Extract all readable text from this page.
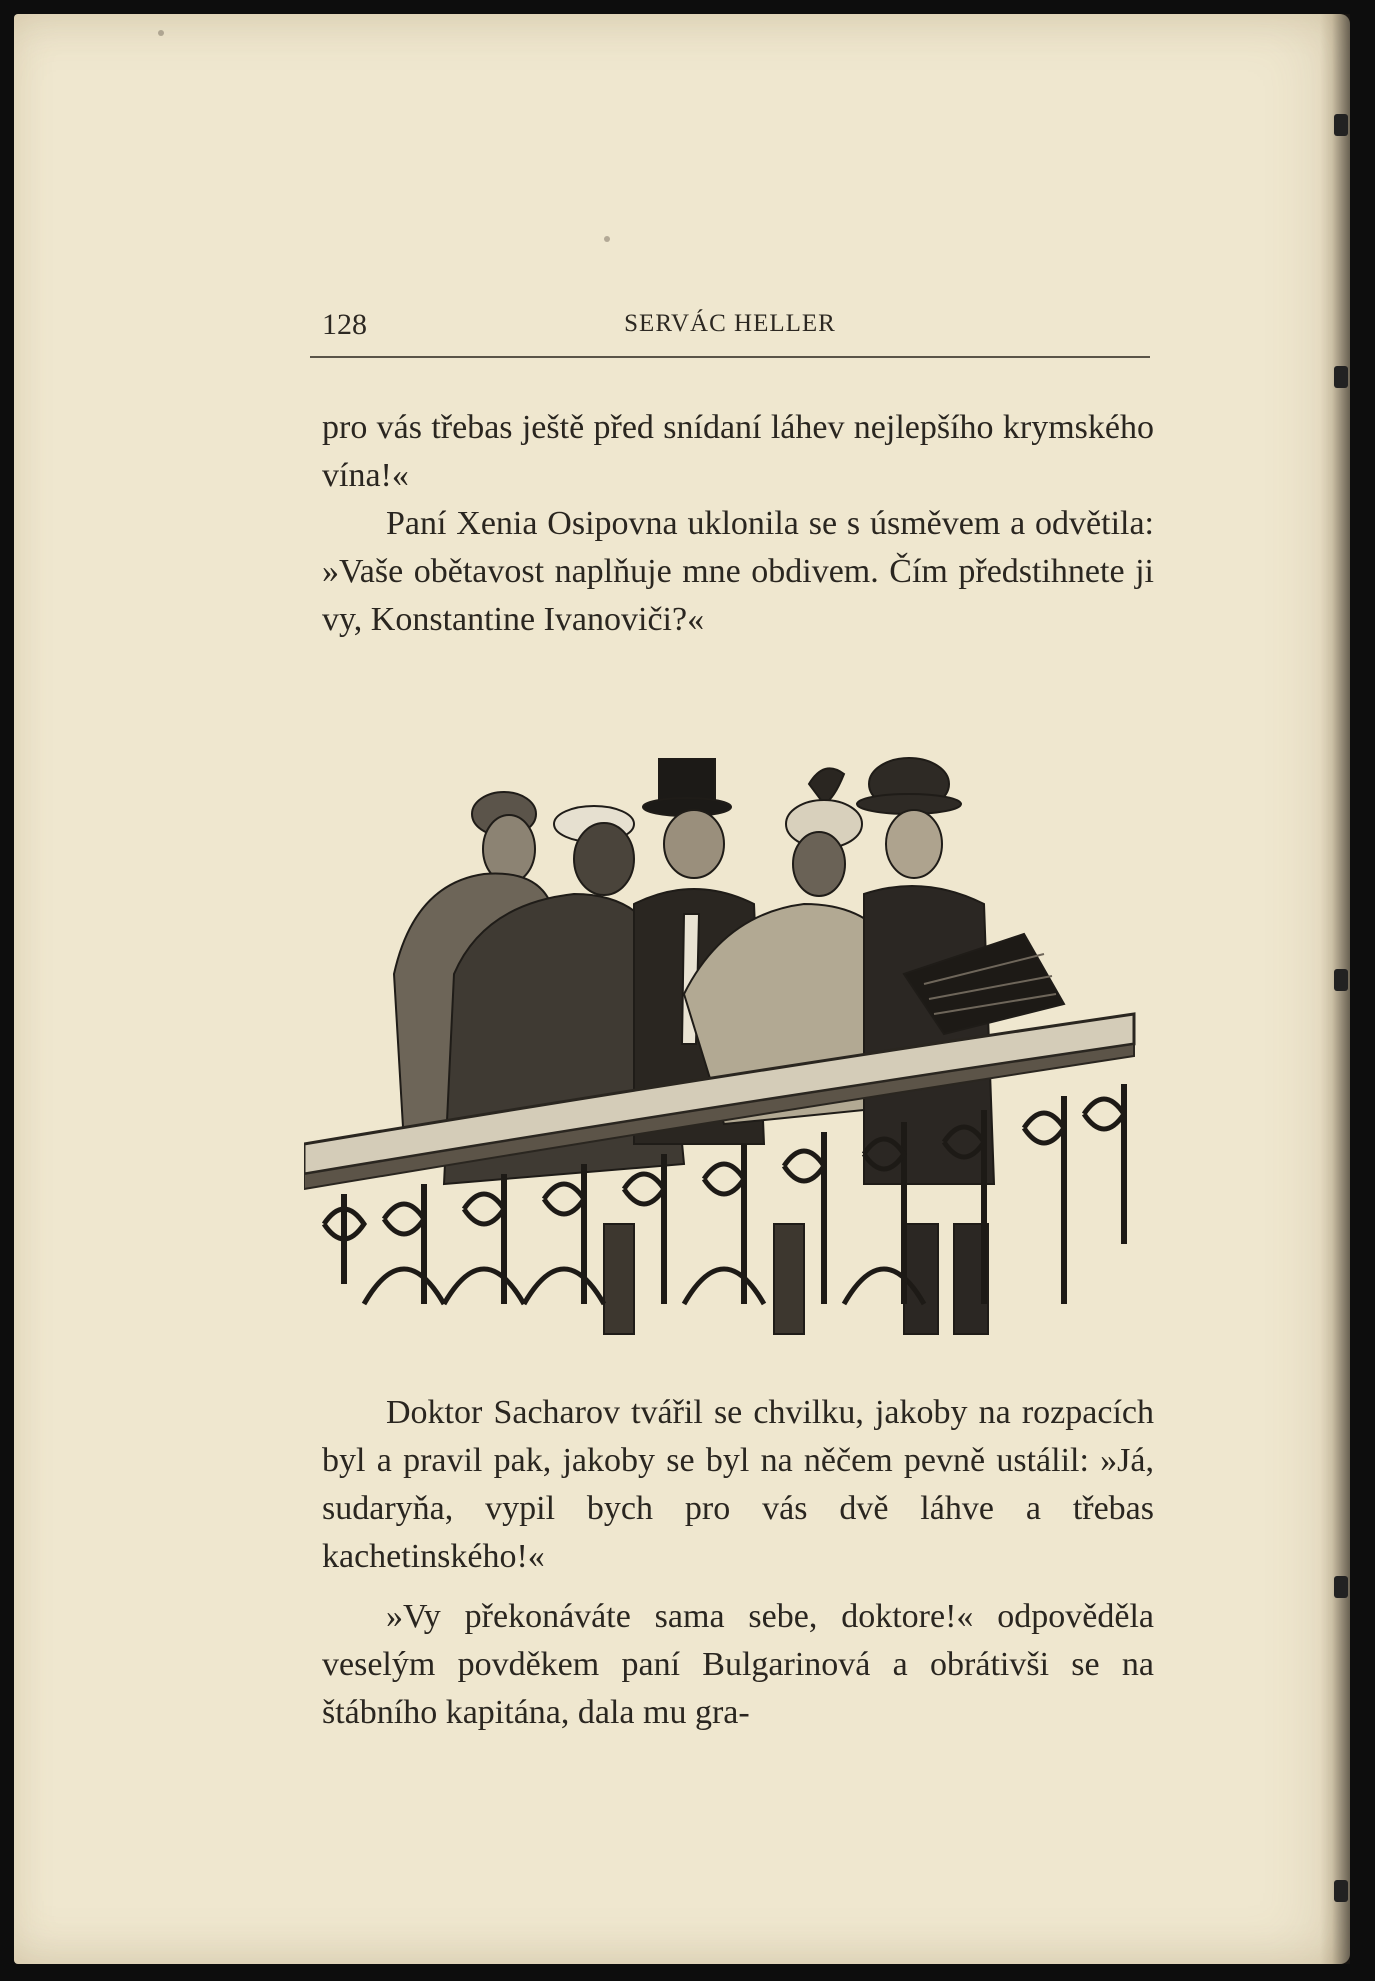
128	SERVÁC HELLER

pro vás třebas ještě před snídaní láhev nejlepšího krymského vína!«

Paní Xenia Osipovna uklonila se s úsměvem a odvětila: »Vaše obětavost naplňuje mne obdivem. Čím předstihnete ji vy, Konstantine Ivanoviči?«

Doktor Sacharov tvářil se chvilku, jakoby na rozpacích byl a pravil pak, jakoby se byl na něčem pevně ustálil: »Já, sudaryňa, vypil bych pro vás dvě láhve a třebas kachetinského!«

»Vy překonáváte sama sebe, doktore!« odpověděla veselým povděkem paní Bulgarinová a obrátivši se na štábního kapitána, dala mu gra-
